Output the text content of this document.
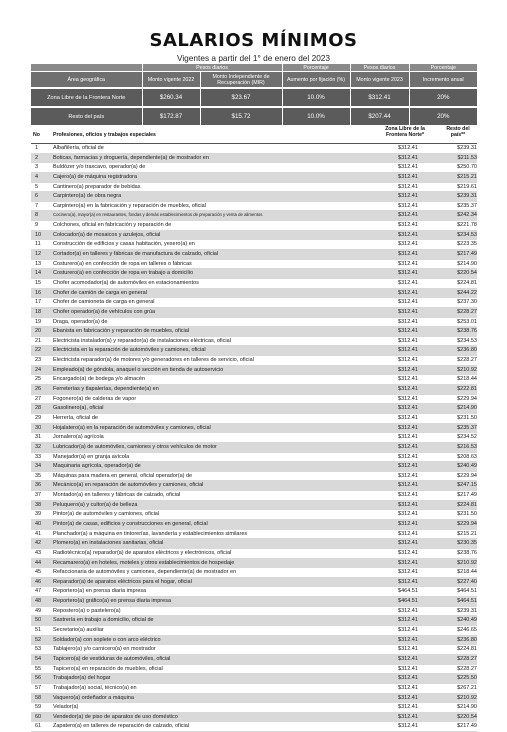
SALARIOS MÍNIMOS
Vigentes a partir del 1° de enero del 2023
	Pesos diarios		Porcentaje	Pesos diarios	Porcentaje
Área geográfica	Monto vigente 2022	Monto Independiente de Recuperación (MIR)	Aumento por fijación (%)	Monto vigente 2023	Incremento anual
Zona Libre de la Frontera Norte	$260.34	$23.67	10.0%	$312.41	20%
Resto del país	$172.87	$15.72	10.0%	$207.44	20%
No	Profesiones, oficios y trabajos especiales
Zona Libre de la Frontera Norte*
Resto del país**
1	Albañilería, oficial de	$312.41	$239.31
2	Boticas, farmacias y droguería, dependiente(a) de mostrador en	$312.41	$211.53
3	Buldózer y/o traxcavo, operador(a) de	$312.41	$250.70
4	Cajero(a) de máquina registradora	$312.41	$215.21
5	Cantinero(a) preparador de bebidas	$312.41	$219.61
6	Carpintero(a) de obra negra	$312.41	$239.31
7	Carpintero(a) en la fabricación y reparación de muebles, oficial	$312.41	$235.37
8	Cocinero(a), mayor(a) en restaurantes, fondas y demás establecimientos de preparación y venta de alimentos	$312.41	$242.34
9	Colchones, oficial en fabricación y reparación de	$312.41	$221.78
10 Colocador(a) de mosaicos y azulejos, oficial	$312.41	$234.53
11 Construcción de edificios y casas habitación, yesero(a) en	$312.41	$223.35
12 Cortador(a) en talleres y fábricas de manufactura de calzado, oficial	$312.41	$217.49
13 Costurero(a) en confección de ropa en talleres o fábricas	$312.41	$214.90
14 Costurero(a) en confección de ropa en trabajo a domicilio	$312.41	$220.54
15 Chofer acomodador(a) de automóviles en estacionamientos	$312.41	$224.81
16 Chofer de camión de carga en general	$312.41	$244.22
17 Chofer de camioneta de carga en general	$312.41	$237.30
18 Chofer operador(a) de vehículos con grúa	$312.41	$228.27
19 Draga, operador(a) de	$312.41	$253.01
20 Ebanista en fabricación y reparación de muebles, oficial	$312.41	$238.76
21 Electricista instalador(a) y reparador(a) de instalaciones eléctricas, oficial	$312.41	$234.53
22 Electricista en la reparación de automóviles y camiones, oficial	$312.41	$236.80
23 Electricista reparador(a) de motores y/o generadores en talleres de servicio, oficial	$312.41	$228.27
24 Empleado(a) de góndola, anaquel o sección en tienda de autoservicio	$312.41	$210.92
25 Encargado(a) de bodega y/o almacén	$312.41	$218.44
26 Ferreterías y tlapalerías, dependiente(a) en	$312.41	$222.81
27 Fogonero(a) de calderas de vapor	$312.41	$229.94
28 Gasolinero(a), oficial	$312.41	$214.90
29 Herrería, oficial de	$312.41	$231.50
30 Hojalatero(a) en la reparación de automóviles y camiones, oficial	$312.41	$235.37
31 Jornalero(a) agrícola	$312.41	$234.52
32 Lubricador(a) de automóviles, camiones y otros vehículos de motor	$312.41	$216.53
33 Manejador(a) en granja avícola	$312.41	$208.63
34 Maquinaria agrícola, operador(a) de	$312.41	$240.49
35 Máquinas para madera en general, oficial operador(a) de	$312.41	$229.94
36 Mecánico(a) en reparación de automóviles y camiones, oficial	$312.41	$247.15
37 Montador(a) en talleres y fábricas de calzado, oficial	$312.41	$217.49
38 Peluquero(a) y cultor(a) de belleza	$312.41	$224.81
39 Pintor(a) de automóviles y camiones, oficial	$312.41	$231.50
40 Pintor(a) de casas, edificios y construcciones en general, oficial	$312.41	$229.94
41 Planchador(a) a máquina en tintorerías, lavandería y establecimientos similares	$312.41	$215.21
42 Plomero(a) en instalaciones sanitarias, oficial	$312.41	$230.35
43 Radiotécnico(a) reparador(a) de aparatos eléctricos y electrónicos, oficial	$312.41	$238.76
44 Recamarero(a) en hoteles, moteles y otros establecimientos de hospedaje	$312.41	$210.92
45 Refaccionaria de automóviles y camiones, dependiente(a) de mostrador en	$312.41	$218.44
46 Reparador(a) de aparatos eléctricos para el hogar, oficial	$312.41	$227.40
47 Reportero(a) en prensa diaria impresa	$464.51	$464.51
48 Reportero(a) gráfico(a) en prensa diaria impresa	$464.51	$464.51
49 Repostero(a) o pastelero(a)	$312.41	$239.31
50 Sastrería en trabajo a domicilio, oficial de	$312.41	$240.49
51 Secretario(a) auxiliar	$312.41	$246.65
52 Soldador(a) con soplete o con arco eléctrico	$312.41	$236.80
53 Tablajero(a) y/o carnicero(a) en mostrador	$312.41	$224.81
54 Tapicero(a) de vestiduras de automóviles, oficial	$312.41	$228.27
55 Tapicero(a) en reparación de muebles, oficial	$312.41	$228.27
56 Trabajador(a) del hogar	$312.41	$225.50
57 Trabajador(a) social, técnico(a) en	$312.41	$267.21
58 Vaquero(a) ordeñador a máquina	$312.41	$210.92
59 Velador(a)	$312.41	$214.90
60 Vendedor(a) de piso de aparatos de uso doméstico	$312.41	$220.54
61 Zapatero(a) en talleres de reparación de calzado, oficial	$312.41	$217.49
